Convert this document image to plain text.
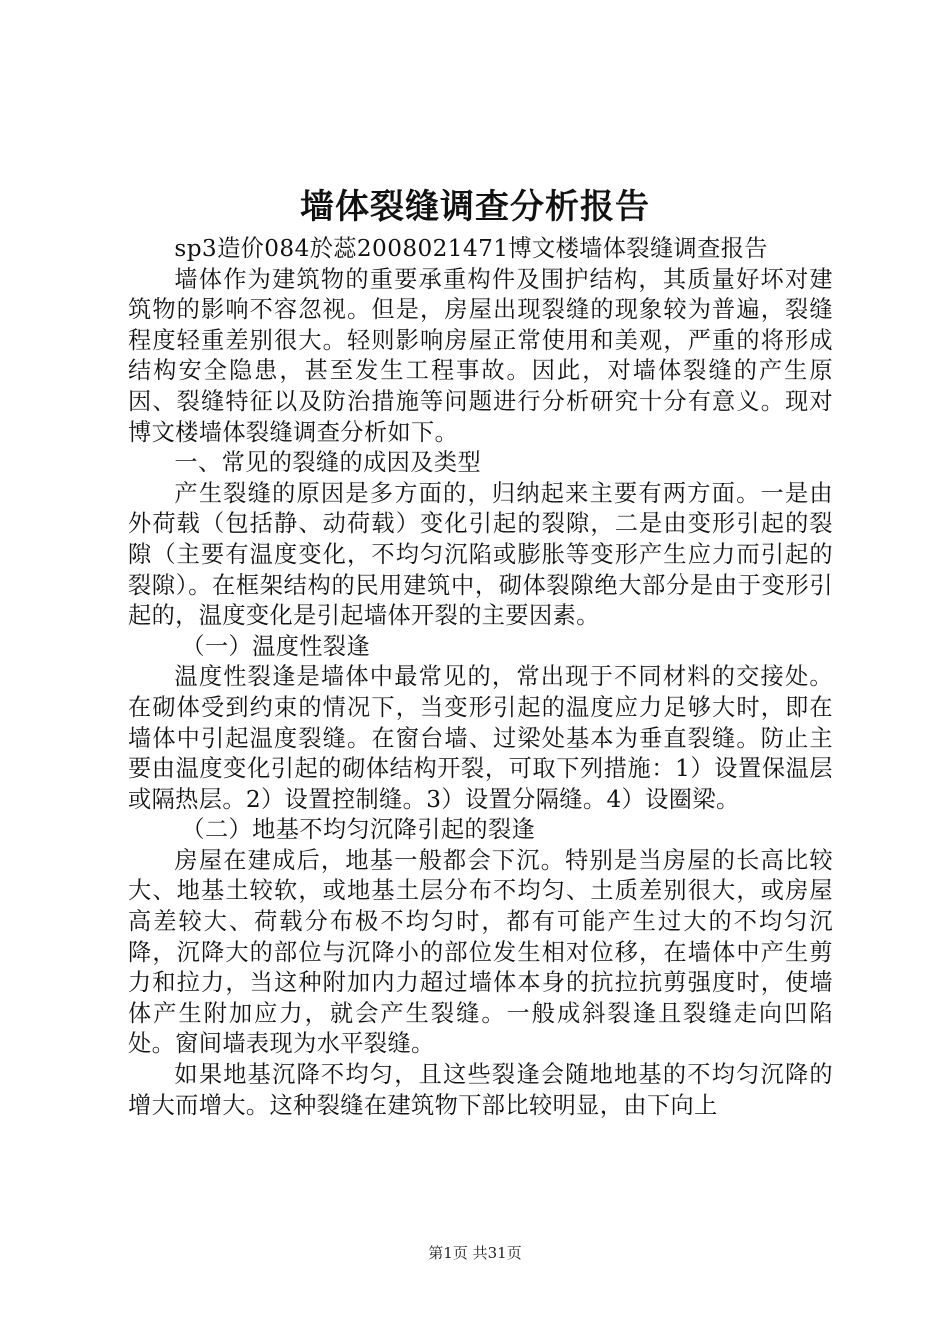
墙体裂缝调查分析报告

sp3造价084於蕊2008021471博文楼墙体裂缝调查报告

墙体作为建筑物的重要承重构件及围护结构，其质量好坏对建筑物的影响不容忽视。但是，房屋出现裂缝的现象较为普遍，裂缝程度轻重差别很大。轻则影响房屋正常使用和美观，严重的将形成结构安全隐患，甚至发生工程事故。因此，对墙体裂缝的产生原因、裂缝特征以及防治措施等问题进行分析研究十分有意义。现对博文楼墙体裂缝调查分析如下。

一、常见的裂缝的成因及类型

产生裂缝的原因是多方面的，归纳起来主要有两方面。一是由外荷载（包括静、动荷载）变化引起的裂隙，二是由变形引起的裂隙（主要有温度变化，不均匀沉陷或膨胀等变形产生应力而引起的裂隙）。在框架结构的民用建筑中，砌体裂隙绝大部分是由于变形引起的，温度变化是引起墙体开裂的主要因素。

（一）温度性裂逢

温度性裂逢是墙体中最常见的，常出现于不同材料的交接处。在砌体受到约束的情况下，当变形引起的温度应力足够大时，即在墙体中引起温度裂缝。在窗台墙、过梁处基本为垂直裂缝。防止主要由温度变化引起的砌体结构开裂，可取下列措施：1）设置保温层或隔热层。2）设置控制缝。3）设置分隔缝。4）设圈梁。

（二）地基不均匀沉降引起的裂逢

房屋在建成后，地基一般都会下沉。特别是当房屋的长高比较大、地基土较软，或地基土层分布不均匀、土质差别很大，或房屋高差较大、荷载分布极不均匀时，都有可能产生过大的不均匀沉降，沉降大的部位与沉降小的部位发生相对位移，在墙体中产生剪力和拉力，当这种附加内力超过墙体本身的抗拉抗剪强度时，使墙体产生附加应力，就会产生裂缝。一般成斜裂逢且裂缝走向凹陷处。窗间墙表现为水平裂缝。

如果地基沉降不均匀，且这些裂逢会随地地基的不均匀沉降的增大而增大。这种裂缝在建筑物下部比较明显，由下向上

第1页 共31页
